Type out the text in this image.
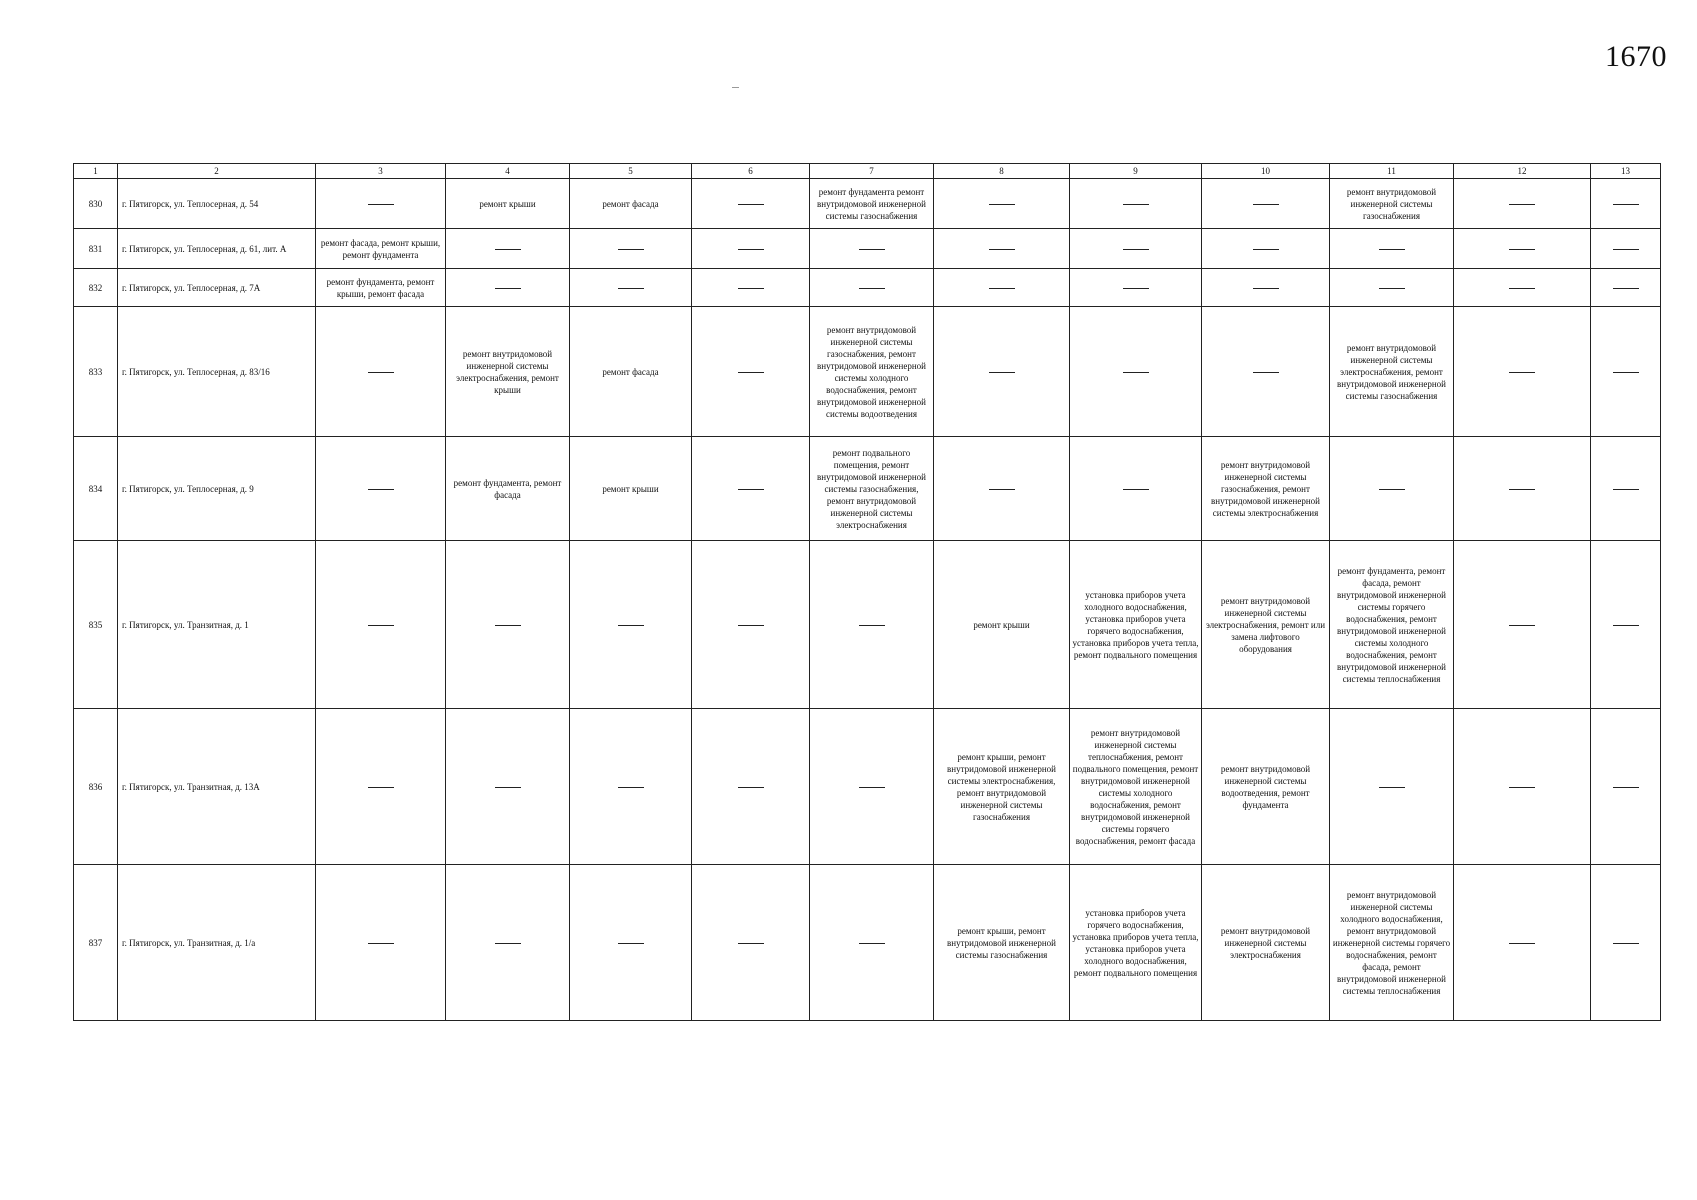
1670
1	2	3	4	5	6	7	8	9	10	11	12	13
830	г. Пятигорск, ул. Теплосерная, д. 54		ремонт крыши	ремонт фасада		ремонт фундамента ремонт внутридомовой инженерной системы газоснабжения				ремонт внутридомовой инженерной системы газоснабжения		
831	г. Пятигорск, ул. Теплосерная, д. 61, лит. А	ремонт фасада, ремонт крыши, ремонт фундамента										
832	г. Пятигорск, ул. Теплосерная, д. 7А	ремонт фундамента, ремонт крыши, ремонт фасада										
833	г. Пятигорск, ул. Теплосерная, д. 83/16		ремонт внутридомовой инженерной системы электроснабжения, ремонт крыши	ремонт фасада		ремонт внутридомовой инженерной системы газоснабжения, ремонт внутридомовой инженерной системы холодного водоснабжения, ремонт внутридомовой инженерной системы водоотведения				ремонт внутридомовой инженерной системы электроснабжения, ремонт внутридомовой инженерной системы газоснабжения		
834	г. Пятигорск, ул. Теплосерная, д. 9		ремонт фундамента, ремонт фасада	ремонт крыши		ремонт подвального помещения, ремонт внутридомовой инженерной системы газоснабжения, ремонт внутридомовой инженерной системы электроснабжения			ремонт внутридомовой инженерной системы газоснабжения, ремонт внутридомовой инженерной системы электроснабжения			
835	г. Пятигорск, ул. Транзитная, д. 1						ремонт крыши	установка приборов учета холодного водоснабжения, установка приборов учета горячего водоснабжения, установка приборов учета тепла, ремонт подвального помещения	ремонт внутридомовой инженерной системы электроснабжения, ремонт или замена лифтового оборудования	ремонт фундамента, ремонт фасада, ремонт внутридомовой инженерной системы горячего водоснабжения, ремонт внутридомовой инженерной системы холодного водоснабжения, ремонт внутридомовой инженерной системы теплоснабжения		
836	г. Пятигорск, ул. Транзитная, д. 13А						ремонт крыши, ремонт внутридомовой инженерной системы электроснабжения, ремонт внутридомовой инженерной системы газоснабжения	ремонт внутридомовой инженерной системы теплоснабжения, ремонт подвального помещения, ремонт внутридомовой инженерной системы холодного водоснабжения, ремонт внутридомовой инженерной системы горячего водоснабжения, ремонт фасада	ремонт внутридомовой инженерной системы водоотведения, ремонт фундамента			
837	г. Пятигорск, ул. Транзитная, д. 1/а						ремонт крыши, ремонт внутридомовой инженерной системы газоснабжения	установка приборов учета горячего водоснабжения, установка приборов учета тепла, установка приборов учета холодного водоснабжения, ремонт подвального помещения	ремонт внутридомовой инженерной системы электроснабжения	ремонт внутридомовой инженерной системы холодного водоснабжения, ремонт внутридомовой инженерной системы горячего водоснабжения, ремонт фасада, ремонт внутридомовой инженерной системы теплоснабжения		
